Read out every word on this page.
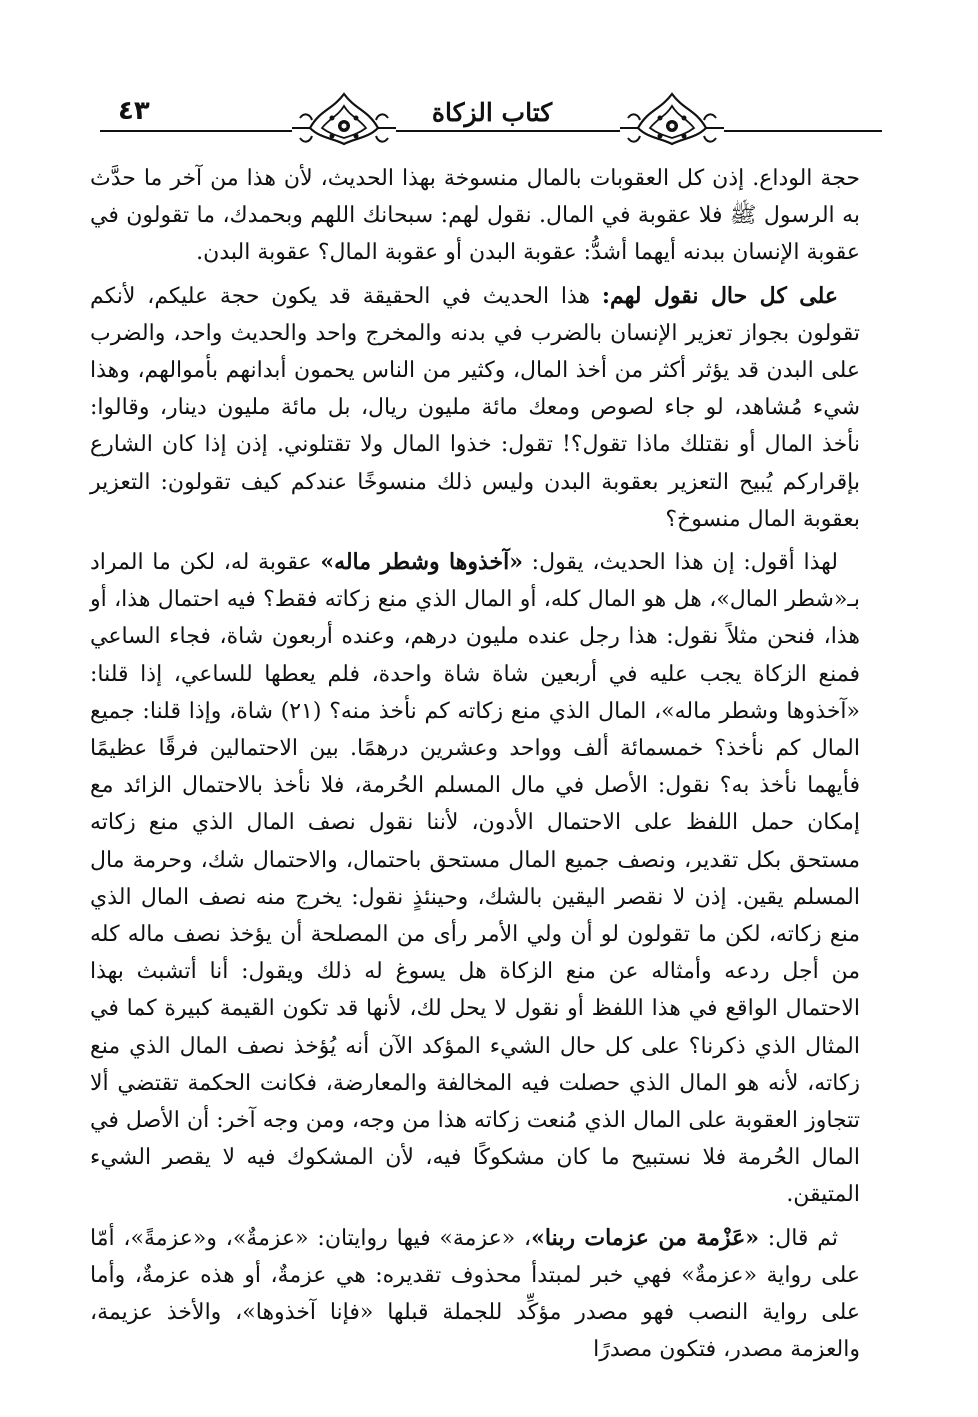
٤٣	كتاب الزكاة

حجة الوداع. إذن كل العقوبات بالمال منسوخة بهذا الحديث، لأن هذا من آخر ما حدَّث به الرسول ﷺ فلا عقوبة في المال. نقول لهم: سبحانك اللهم وبحمدك، ما تقولون في عقوبة الإنسان ببدنه أيهما أشدُّ: عقوبة البدن أو عقوبة المال؟ عقوبة البدن.

على كل حال نقول لهم: هذا الحديث في الحقيقة قد يكون حجة عليكم، لأنكم تقولون بجواز تعزير الإنسان بالضرب في بدنه والمخرج واحد والحديث واحد، والضرب على البدن قد يؤثر أكثر من أخذ المال، وكثير من الناس يحمون أبدانهم بأموالهم، وهذا شيء مُشاهد، لو جاء لصوص ومعك مائة مليون ريال، بل مائة مليون دينار، وقالوا: نأخذ المال أو نقتلك ماذا تقول؟! تقول: خذوا المال ولا تقتلوني. إذن إذا كان الشارع بإقراركم يُبيح التعزير بعقوبة البدن وليس ذلك منسوخًا عندكم كيف تقولون: التعزير بعقوبة المال منسوخ؟

لهذا أقول: إن هذا الحديث، يقول: «آخذوها وشطر ماله» عقوبة له، لكن ما المراد بـ«شطر المال»، هل هو المال كله، أو المال الذي منع زكاته فقط؟ فيه احتمال هذا، أو هذا، فنحن مثلاً نقول: هذا رجل عنده مليون درهم، وعنده أربعون شاة، فجاء الساعي فمنع الزكاة يجب عليه في أربعين شاة شاة واحدة، فلم يعطها للساعي، إذا قلنا: «آخذوها وشطر ماله»، المال الذي منع زكاته كم نأخذ منه؟ (٢١) شاة، وإذا قلنا: جميع المال كم نأخذ؟ خمسمائة ألف وواحد وعشرين درهمًا. بين الاحتمالين فرقًا عظيمًا فأيهما نأخذ به؟ نقول: الأصل في مال المسلم الحُرمة، فلا نأخذ بالاحتمال الزائد مع إمكان حمل اللفظ على الاحتمال الأدون، لأننا نقول نصف المال الذي منع زكاته مستحق بكل تقدير، ونصف جميع المال مستحق باحتمال، والاحتمال شك، وحرمة مال المسلم يقين. إذن لا نقصر اليقين بالشك، وحينئذٍ نقول: يخرج منه نصف المال الذي منع زكاته، لكن ما تقولون لو أن ولي الأمر رأى من المصلحة أن يؤخذ نصف ماله كله من أجل ردعه وأمثاله عن منع الزكاة هل يسوغ له ذلك ويقول: أنا أتشبث بهذا الاحتمال الواقع في هذا اللفظ أو نقول لا يحل لك، لأنها قد تكون القيمة كبيرة كما في المثال الذي ذكرنا؟ على كل حال الشيء المؤكد الآن أنه يُؤخذ نصف المال الذي منع زكاته، لأنه هو المال الذي حصلت فيه المخالفة والمعارضة، فكانت الحكمة تقتضي ألا تتجاوز العقوبة على المال الذي مُنعت زكاته هذا من وجه، ومن وجه آخر: أن الأصل في المال الحُرمة فلا نستبيح ما كان مشكوكًا فيه، لأن المشكوك فيه لا يقصر الشيء المتيقن.

ثم قال: «عَزْمة من عزمات ربنا»، «عزمة» فيها روايتان: «عزمةٌ»، و«عزمةً»، أمّا على رواية «عزمةٌ» فهي خبر لمبتدأ محذوف تقديره: هي عزمةٌ، أو هذه عزمةٌ، وأما على رواية النصب فهو مصدر مؤكِّد للجملة قبلها «فإنا آخذوها»، والأخذ عزيمة، والعزمة مصدر، فتكون مصدرًا
